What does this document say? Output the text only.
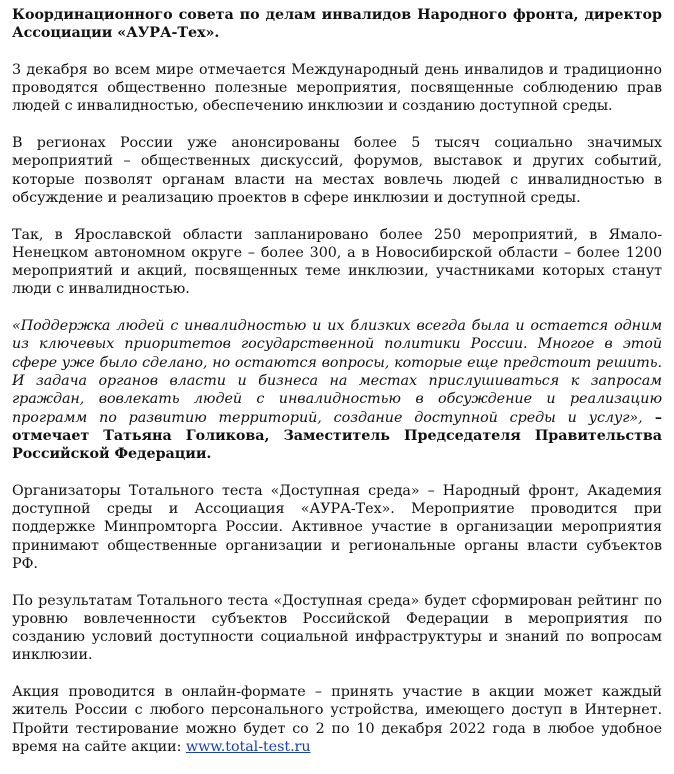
Координационного совета по делам инвалидов Народного фронта, директор Ассоциации «АУРА-Тех».

3 декабря во всем мире отмечается Международный день инвалидов и традиционно проводятся общественно полезные мероприятия, посвященные соблюдению прав людей с инвалидностью, обеспечению инклюзии и созданию доступной среды.

В регионах России уже анонсированы более 5 тысяч социально значимых мероприятий – общественных дискуссий, форумов, выставок и других событий, которые позволят органам власти на местах вовлечь людей с инвалидностью в обсуждение и реализацию проектов в сфере инклюзии и доступной среды.

Так, в Ярославской области запланировано более 250 мероприятий, в Ямало-Ненецком автономном округе – более 300, а в Новосибирской области – более 1200 мероприятий и акций, посвященных теме инклюзии, участниками которых станут люди с инвалидностью.

«Поддержка людей с инвалидностью и их близких всегда была и остается одним из ключевых приоритетов государственной политики России. Многое в этой сфере уже было сделано, но остаются вопросы, которые еще предстоит решить. И задача органов власти и бизнеса на местах прислушиваться к запросам граждан, вовлекать людей с инвалидностью в обсуждение и реализацию программ по развитию территорий, создание доступной среды и услуг», – отмечает Татьяна Голикова, Заместитель Председателя Правительства Российской Федерации.

Организаторы Тотального теста «Доступная среда» – Народный фронт, Академия доступной среды и Ассоциация «АУРА-Тех». Мероприятие проводится при поддержке Минпромторга России. Активное участие в организации мероприятия принимают общественные организации и региональные органы власти субъектов РФ.

По результатам Тотального теста «Доступная среда» будет сформирован рейтинг по уровню вовлеченности субъектов Российской Федерации в мероприятия по созданию условий доступности социальной инфраструктуры и знаний по вопросам инклюзии.

Акция проводится в онлайн-формате – принять участие в акции может каждый житель России с любого персонального устройства, имеющего доступ в Интернет. Пройти тестирование можно будет со 2 по 10 декабря 2022 года в любое удобное время на сайте акции: www.total-test.ru
